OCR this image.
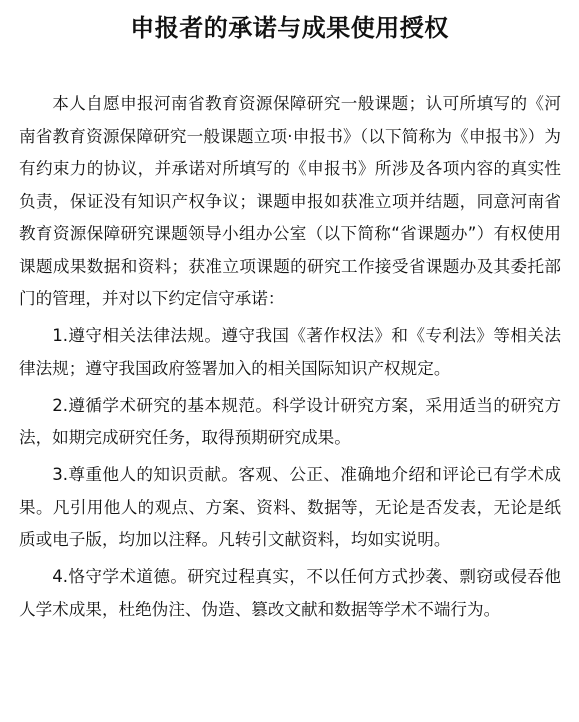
申报者的承诺与成果使用授权

本人自愿申报河南省教育资源保障研究一般课题；认可所填写的《河南省教育资源保障研究一般课题立项·申报书》（以下简称为《申报书》）为有约束力的协议，并承诺对所填写的《申报书》所涉及各项内容的真实性负责，保证没有知识产权争议；课题申报如获准立项并结题，同意河南省教育资源保障研究课题领导小组办公室（以下简称“省课题办”）有权使用课题成果数据和资料；获准立项课题的研究工作接受省课题办及其委托部门的管理，并对以下约定信守承诺：

1.遵守相关法律法规。遵守我国《著作权法》和《专利法》等相关法律法规；遵守我国政府签署加入的相关国际知识产权规定。

2.遵循学术研究的基本规范。科学设计研究方案，采用适当的研究方法，如期完成研究任务，取得预期研究成果。

3.尊重他人的知识贡献。客观、公正、准确地介绍和评论已有学术成果。凡引用他人的观点、方案、资料、数据等，无论是否发表，无论是纸质或电子版，均加以注释。凡转引文献资料，均如实说明。

4.恪守学术道德。研究过程真实，不以任何方式抄袭、剽窃或侵吞他人学术成果，杜绝伪注、伪造、篡改文献和数据等学术不端行为。
